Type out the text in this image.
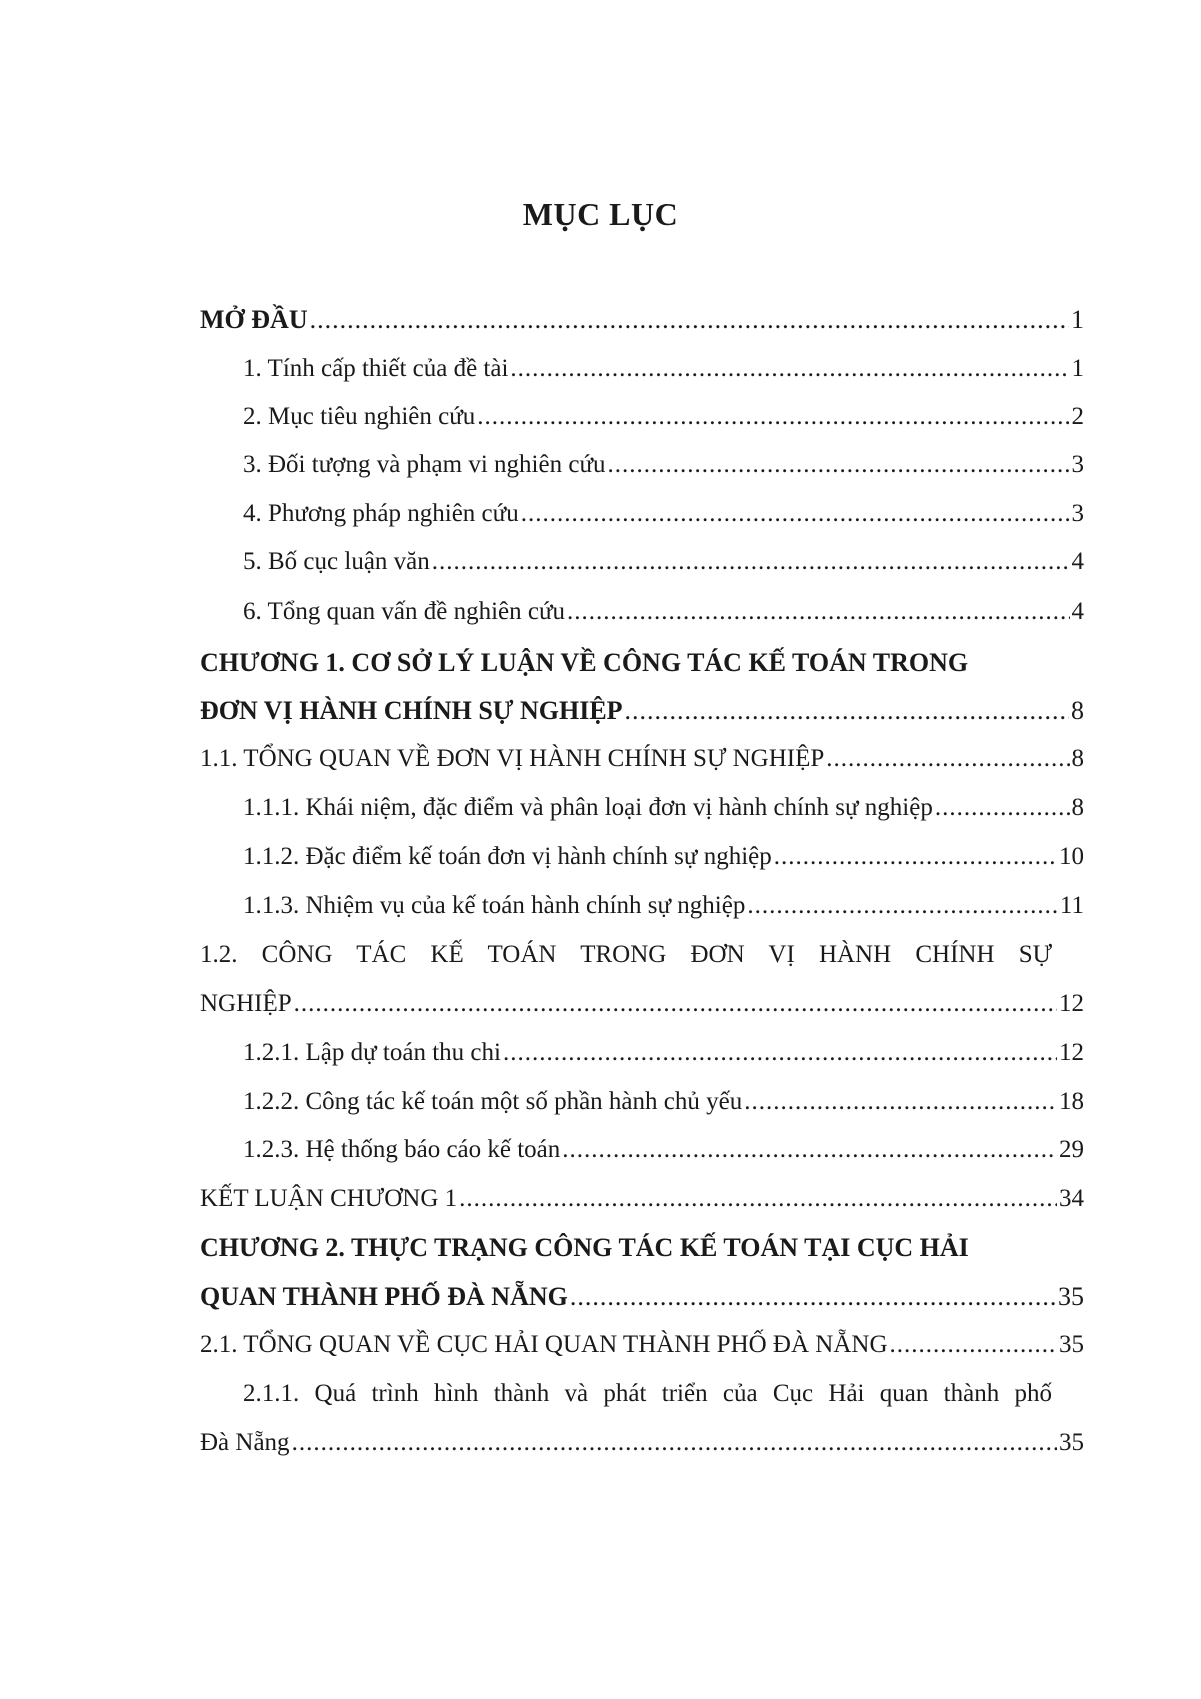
MỤC LỤC
MỞ ĐẦU .....	1
1. Tính cấp thiết của đề tài .....	1
2. Mục tiêu nghiên cứu .....	2
3. Đối tượng và phạm vi nghiên cứu .....	3
4. Phương pháp nghiên cứu .....	3
5. Bố cục luận văn .....	4
6. Tổng quan vấn đề nghiên cứu .....	4
CHƯƠNG 1. CƠ SỞ LÝ LUẬN VỀ CÔNG TÁC KẾ TOÁN TRONG
ĐƠN VỊ HÀNH CHÍNH SỰ NGHIỆP .....	8
1.1. TỔNG QUAN VỀ ĐƠN VỊ HÀNH CHÍNH SỰ NGHIỆP .....	8
1.1.1. Khái niệm, đặc điểm và phân loại đơn vị hành chính sự nghiệp .....	8
1.1.2. Đặc điểm kế toán đơn vị hành chính sự nghiệp .....	10
1.1.3. Nhiệm vụ của kế toán hành chính sự nghiệp .....	11
1.2. CÔNG TÁC KẾ TOÁN TRONG ĐƠN VỊ HÀNH CHÍNH SỰ
NGHIỆP .....	12
1.2.1. Lập dự toán thu chi .....	12
1.2.2. Công tác kế toán một số phần hành chủ yếu .....	18
1.2.3. Hệ thống báo cáo kế toán .....	29
KẾT LUẬN CHƯƠNG 1 .....	34
CHƯƠNG 2. THỰC TRẠNG CÔNG TÁC KẾ TOÁN TẠI CỤC HẢI
QUAN THÀNH PHỐ ĐÀ NẴNG .....	35
2.1. TỔNG QUAN VỀ CỤC HẢI QUAN THÀNH PHỐ ĐÀ NẴNG .....	35
2.1.1. Quá trình hình thành và phát triển của Cục Hải quan thành phố
Đà Nẵng .....	35
